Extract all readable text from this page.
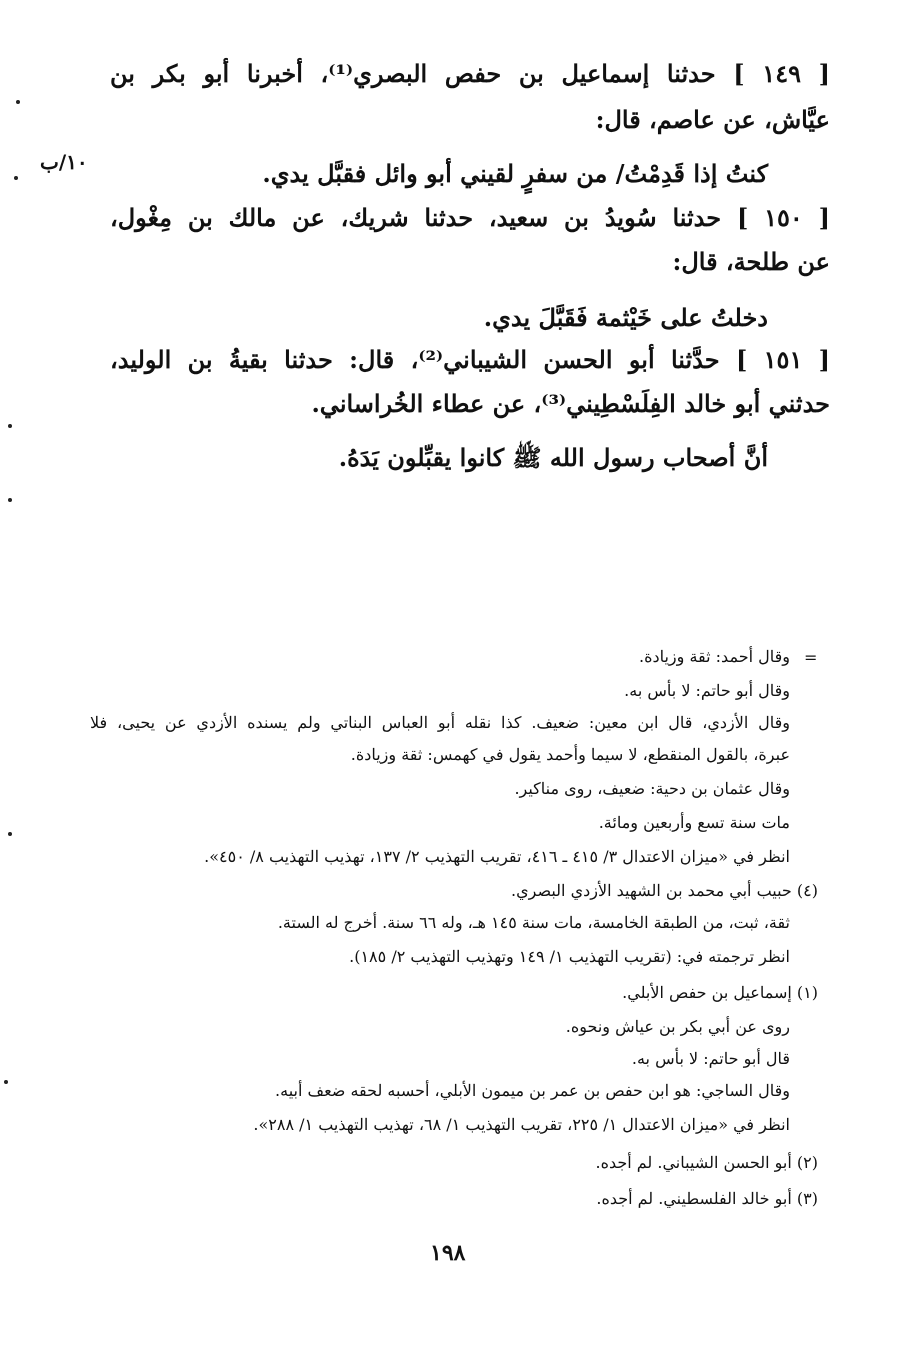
١٠/ب
[ ١٤٩ ] حدثنا إسماعيل بن حفص البصري⁽¹⁾، أخبرنا أبو بكر بن
عيَّاش، عن عاصم، قال:
كنتُ إذا قَدِمْتُ/ من سفرٍ لقيني أبو وائل فقبَّل يدي.
[ ١٥٠ ] حدثنا سُويدُ بن سعيد، حدثنا شريك، عن مالك بن مِغْول،
عن طلحة، قال:
دخلتُ على خَيْثمة فَقَبَّلَ يدي.
[ ١٥١ ] حدَّثنا أبو الحسن الشيباني⁽²⁾، قال: حدثنا بقيةُ بن الوليد،
حدثني أبو خالد الفِلَسْطِيني⁽³⁾، عن عطاء الخُراساني.
أنَّ أصحاب رسول الله ﷺ كانوا يقبِّلون يَدَهُ.
=
وقال أحمد: ثقة وزيادة.
وقال أبو حاتم: لا بأس به.
وقال الأزدي، قال ابن معين: ضعيف. كذا نقله أبو العباس البناتي ولم يسنده الأزدي عن يحيى، فلا
عبرة، بالقول المنقطع، لا سيما وأحمد يقول في كهمس: ثقة وزيادة.
وقال عثمان بن دحية: ضعيف، روى مناكير.
مات سنة تسع وأربعين ومائة.
انظر في «ميزان الاعتدال ٣/ ٤١٥ ـ ٤١٦، تقريب التهذيب ٢/ ١٣٧، تهذيب التهذيب ٨/ ٤٥٠».
(٤) حبيب أبي محمد بن الشهيد الأزدي البصري.
ثقة، ثبت، من الطبقة الخامسة، مات سنة ١٤٥ هـ، وله ٦٦ سنة. أخرج له الستة.
انظر ترجمته في: (تقريب التهذيب ١/ ١٤٩ وتهذيب التهذيب ٢/ ١٨٥).
(١) إسماعيل بن حفص الأبلي.
روى عن أبي بكر بن عياش ونحوه.
قال أبو حاتم: لا بأس به.
وقال الساجي: هو ابن حفص بن عمر بن ميمون الأبلي، أحسبه لحقه ضعف أبيه.
انظر في «ميزان الاعتدال ١/ ٢٢٥، تقريب التهذيب ١/ ٦٨، تهذيب التهذيب ١/ ٢٨٨».
(٢) أبو الحسن الشيباني. لم أجده.
(٣) أبو خالد الفلسطيني. لم أجده.
١٩٨
